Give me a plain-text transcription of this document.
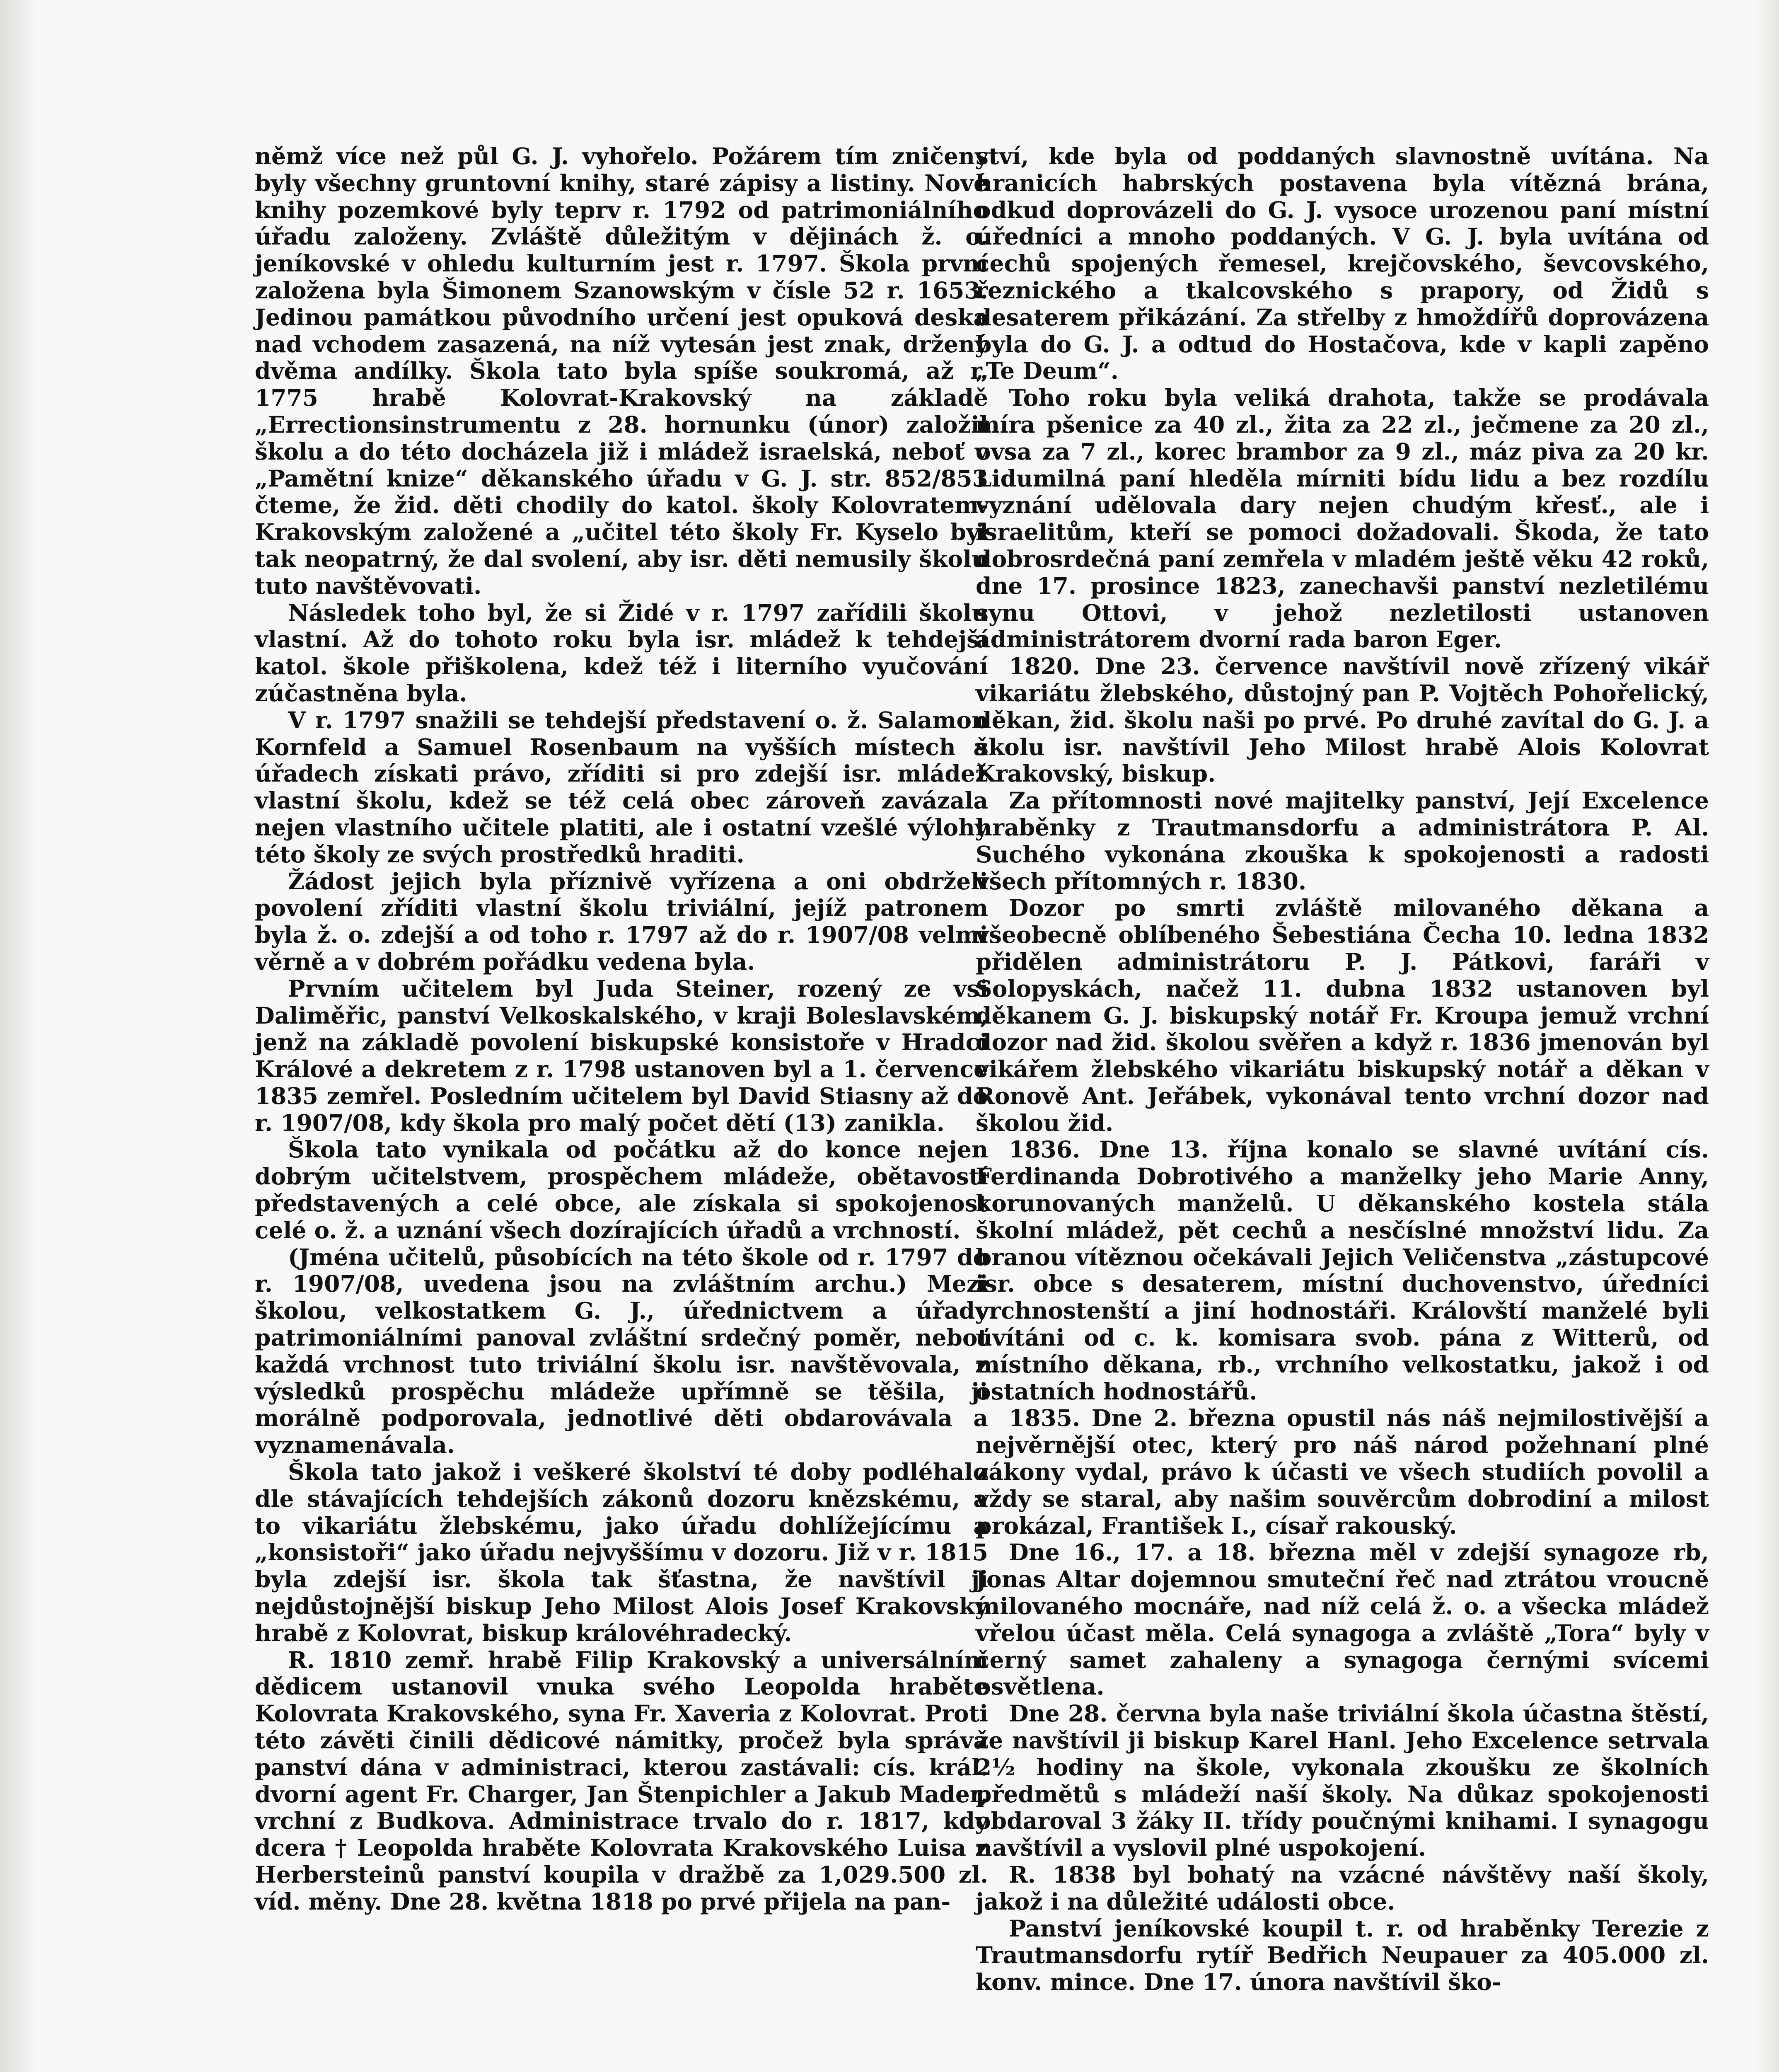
němž více než půl G. J. vyhořelo. Požárem tím zničeny byly všechny gruntovní knihy, staré zápisy a listiny. Nové knihy pozemkové byly teprv r. 1792 od patrimoniálního úřadu založeny. Zvláště důležitým v dějinách ž. o. jeníkovské v ohledu kulturním jest r. 1797. Škola první založena byla Šimonem Szanowským v čísle 52 r. 1653. Jedinou památkou původního určení jest opuková deska nad vchodem zasazená, na níž vytesán jest znak, držený dvěma andílky. Škola tato byla spíše soukromá, až r. 1775 hrabě Kolovrat-Krakovský na základě „Errectionsinstrumentu z 28. hornunku (únor) založil školu a do této docházela již i mládež israelská, neboť v „Pamětní knize“ děkanského úřadu v G. J. str. 852/853 čteme, že žid. děti chodily do katol. školy Kolovratem-Krakovským založené a „učitel této školy Fr. Kyselo byl tak neopatrný, že dal svolení, aby isr. děti nemusily školu tuto navštěvovati.

Následek toho byl, že si Židé v r. 1797 zařídili školu vlastní. Až do tohoto roku byla isr. mládež k tehdejší katol. škole přiškolena, kdež též i literního vyučování zúčastněna byla.

V r. 1797 snažili se tehdejší představení o. ž. Salamon Kornfeld a Samuel Rosenbaum na vyšších místech a úřadech získati právo, zříditi si pro zdejší isr. mládež vlastní školu, kdež se též celá obec zároveň zavázala nejen vlastního učitele platiti, ale i ostatní vzešlé výlohy této školy ze svých prostředků hraditi.

Žádost jejich byla příznivě vyřízena a oni obdrželi povolení zříditi vlastní školu triviální, jejíž patronem byla ž. o. zdejší a od toho r. 1797 až do r. 1907/08 velmi věrně a v dobrém pořádku vedena byla.

Prvním učitelem byl Juda Steiner, rozený ze vsi Daliměřic, panství Velkoskalského, v kraji Boleslavském, jenž na základě povolení biskupské konsistoře v Hradci Králové a dekretem z r. 1798 ustanoven byl a 1. července 1835 zemřel. Posledním učitelem byl David Stiasny až do r. 1907/08, kdy škola pro malý počet dětí (13) zanikla.

Škola tato vynikala od počátku až do konce nejen dobrým učitelstvem, prospěchem mládeže, obětavostí představených a celé obce, ale získala si spokojenost celé o. ž. a uznání všech dozírajících úřadů a vrchností.

(Jména učitelů, působících na této škole od r. 1797 do r. 1907/08, uvedena jsou na zvláštním archu.) Mezi školou, velkostatkem G. J., úřednictvem a úřady patrimoniálními panoval zvláštní srdečný poměr, neboť každá vrchnost tuto triviální školu isr. navštěvovala, z výsledků prospěchu mládeže upřímně se těšila, ji morálně podporovala, jednotlivé děti obdarovávala a vyznamenávala.

Škola tato jakož i veškeré školství té doby podléhalo dle stávajících tehdejších zákonů dozoru knězskému, a to vikariátu žlebskému, jako úřadu dohlížejícímu a „konsistoři“ jako úřadu nejvyššímu v dozoru. Již v r. 1815 byla zdejší isr. škola tak šťastna, že navštívil ji nejdůstojnější biskup Jeho Milost Alois Josef Krakovský hrabě z Kolovrat, biskup královéhradecký.

R. 1810 zemř. hrabě Filip Krakovský a universálním dědicem ustanovil vnuka svého Leopolda hraběte Kolovrata Krakovského, syna Fr. Xaveria z Kolovrat. Proti této závěti činili dědicové námitky, pročež byla správa panství dána v administraci, kterou zastávali: cís. král. dvorní agent Fr. Charger, Jan Štenpichler a Jakub Mader, vrchní z Budkova. Administrace trvalo do r. 1817, kdy dcera † Leopolda hraběte Kolovrata Krakovského Luisa z Herbersteinů panství koupila v dražbě za 1,029.500 zl. víd. měny. Dne 28. května 1818 po prvé přijela na pan-

ství, kde byla od poddaných slavnostně uvítána. Na hranicích habrských postavena byla vítězná brána, odkud doprovázeli do G. J. vysoce urozenou paní místní úředníci a mnoho poddaných. V G. J. byla uvítána od cechů spojených řemesel, krejčovského, ševcovského, řeznického a tkalcovského s prapory, od Židů s desaterem přikázání. Za střelby z hmoždířů doprovázena byla do G. J. a odtud do Hostačova, kde v kapli zapěno „Te Deum“.

Toho roku byla veliká drahota, takže se prodávala míra pšenice za 40 zl., žita za 22 zl., ječmene za 20 zl., ovsa za 7 zl., korec brambor za 9 zl., máz piva za 20 kr. Lidumilná paní hleděla mírniti bídu lidu a bez rozdílu vyznání udělovala dary nejen chudým křesť., ale i israelitům, kteří se pomoci dožadovali. Škoda, že tato dobrosrdečná paní zemřela v mladém ještě věku 42 roků, dne 17. prosince 1823, zanechavši panství nezletilému synu Ottovi, v jehož nezletilosti ustanoven administrátorem dvorní rada baron Eger.

1820. Dne 23. července navštívil nově zřízený vikář vikariátu žlebského, důstojný pan P. Vojtěch Pohořelický, děkan, žid. školu naši po prvé. Po druhé zavítal do G. J. a školu isr. navštívil Jeho Milost hrabě Alois Kolovrat Krakovský, biskup.

Za přítomnosti nové majitelky panství, Její Excelence hraběnky z Trautmansdorfu a administrátora P. Al. Suchého vykonána zkouška k spokojenosti a radosti všech přítomných r. 1830.

Dozor po smrti zvláště milovaného děkana a všeobecně oblíbeného Šebestiána Čecha 10. ledna 1832 přidělen administrátoru P. J. Pátkovi, faráři v Solopyskách, načež 11. dubna 1832 ustanoven byl děkanem G. J. biskupský notář Fr. Kroupa jemuž vrchní dozor nad žid. školou svěřen a když r. 1836 jmenován byl vikářem žlebského vikariátu biskupský notář a děkan v Ronově Ant. Jeřábek, vykonával tento vrchní dozor nad školou žid.

1836. Dne 13. října konalo se slavné uvítání cís. Ferdinanda Dobrotivého a manželky jeho Marie Anny, korunovaných manželů. U děkanského kostela stála školní mládež, pět cechů a nesčíslné množství lidu. Za branou vítěznou očekávali Jejich Veličenstva „zástupcové isr. obce s desaterem, místní duchovenstvo, úředníci vrchnostenští a jiní hodnostáři. Královští manželé byli uvítáni od c. k. komisara svob. pána z Witterů, od místního děkana, rb., vrchního velkostatku, jakož i od ostatních hodnostářů.

1835. Dne 2. března opustil nás náš nejmilostivější a nejvěrnější otec, který pro náš národ požehnaní plné zákony vydal, právo k účasti ve všech studiích povolil a vždy se staral, aby našim souvěrcům dobrodiní a milost prokázal, František I., císař rakouský.

Dne 16., 17. a 18. března měl v zdejší synagoze rb, Jonas Altar dojemnou smuteční řeč nad ztrátou vroucně milovaného mocnáře, nad níž celá ž. o. a všecka mládež vřelou účast měla. Celá synagoga a zvláště „Tora“ byly v černý samet zahaleny a synagoga černými svícemi osvětlena.

Dne 28. června byla naše triviální škola účastna štěstí, že navštívil ji biskup Karel Hanl. Jeho Excelence setrvala 2½ hodiny na škole, vykonala zkoušku ze školních předmětů s mládeží naší školy. Na důkaz spokojenosti obdaroval 3 žáky II. třídy poučnými knihami. I synagogu navštívil a vyslovil plné uspokojení.

R. 1838 byl bohatý na vzácné návštěvy naší školy, jakož i na důležité události obce.

Panství jeníkovské koupil t. r. od hraběnky Terezie z Trautmansdorfu rytíř Bedřich Neupauer za 405.000 zl. konv. mince. Dne 17. února navštívil ško-
